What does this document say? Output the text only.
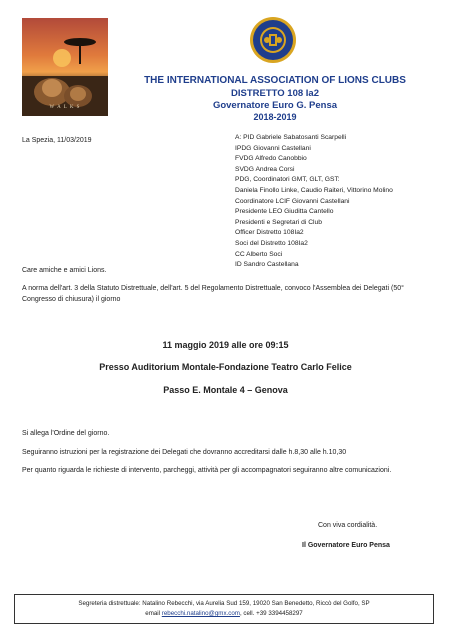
W A L K S
THE INTERNATIONAL ASSOCIATION OF LIONS CLUBS
DISTRETTO 108 Ia2
Governatore Euro G. Pensa
2018-2019
La Spezia, 11/03/2019	A: PID Gabriele Sabatosanti Scarpelli
IPDG Giovanni Castellani
FVDG Alfredo Canobbio
SVDG Andrea Corsi
PDG, Coordinatori GMT, GLT, GST:
Daniela Finollo Linke, Caudio Raiteri, Vittorino Molino
Coordinatore LCIF Giovanni Castellani
Presidente LEO Giuditta Cantello
Presidenti e Segretari di Club
Officer Distretto 108Ia2
Soci del Distretto 108Ia2
CC Alberto Soci
ID Sandro Castellana
Care amiche e amici Lions.
A norma dell'art. 3 della Statuto Distrettuale, dell'art. 5 del Regolamento Distrettuale, convoco l'Assemblea dei Delegati (50° Congresso di chiusura) il giorno
11 maggio 2019 alle ore 09:15
Presso Auditorium Montale-Fondazione Teatro Carlo Felice
Passo E. Montale 4 – Genova
Si allega l'Ordine del giorno.
Seguiranno istruzioni per la registrazione dei Delegati che dovranno accreditarsi dalle h.8,30 alle h.10,30
Per quanto riguarda le richieste di intervento, parcheggi, attività per gli accompagnatori seguiranno altre comunicazioni.
Con viva cordialità.
Il Governatore Euro Pensa
Segreteria distrettuale: Natalino Rebecchi, via Aurelia Sud 159, 19020 San Benedetto, Riccò del Golfo, SP
email rebecchi.natalino@gmx.com, cell. +39 3394458297
